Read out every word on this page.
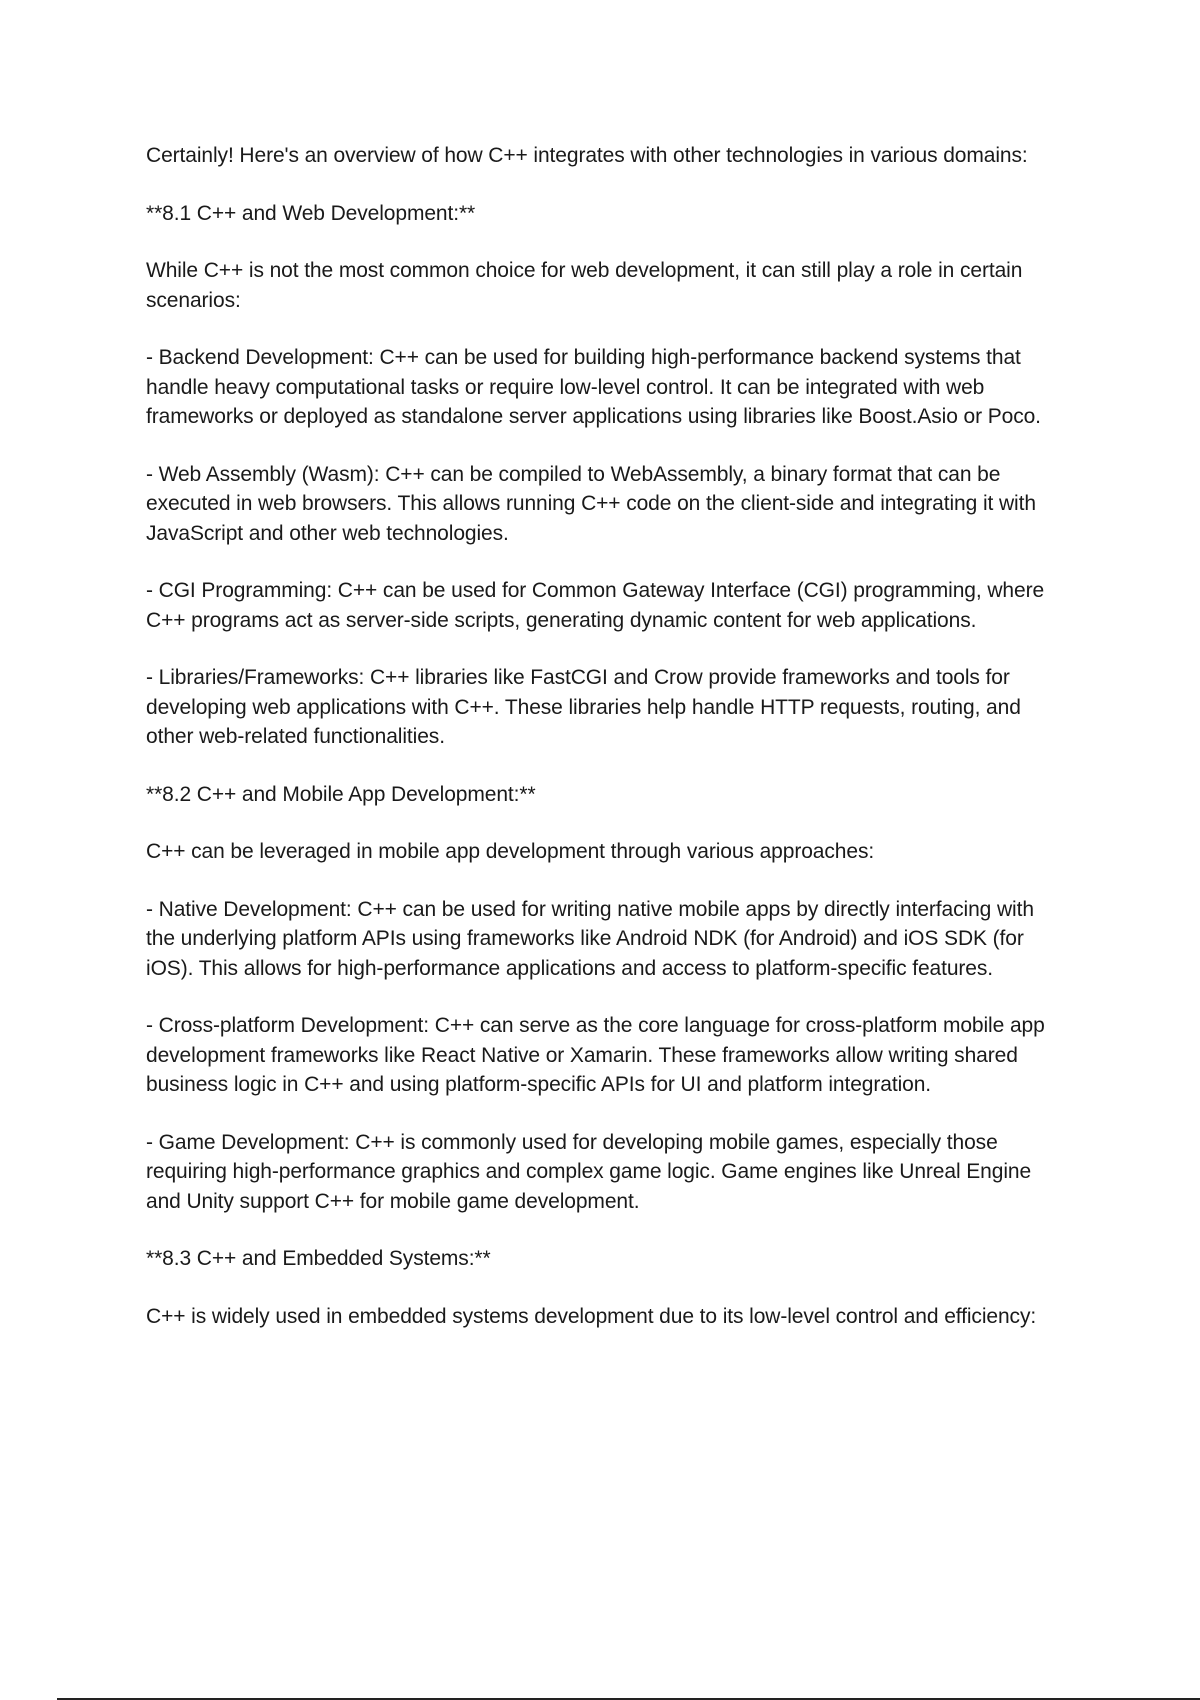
Certainly! Here's an overview of how C++ integrates with other technologies in various domains:

**8.1 C++ and Web Development:**

While C++ is not the most common choice for web development, it can still play a role in certain scenarios:

- Backend Development: C++ can be used for building high-performance backend systems that handle heavy computational tasks or require low-level control. It can be integrated with web frameworks or deployed as standalone server applications using libraries like Boost.Asio or Poco.

- Web Assembly (Wasm): C++ can be compiled to WebAssembly, a binary format that can be executed in web browsers. This allows running C++ code on the client-side and integrating it with JavaScript and other web technologies.

- CGI Programming: C++ can be used for Common Gateway Interface (CGI) programming, where C++ programs act as server-side scripts, generating dynamic content for web applications.

- Libraries/Frameworks: C++ libraries like FastCGI and Crow provide frameworks and tools for developing web applications with C++. These libraries help handle HTTP requests, routing, and other web-related functionalities.

**8.2 C++ and Mobile App Development:**

C++ can be leveraged in mobile app development through various approaches:

- Native Development: C++ can be used for writing native mobile apps by directly interfacing with the underlying platform APIs using frameworks like Android NDK (for Android) and iOS SDK (for iOS). This allows for high-performance applications and access to platform-specific features.

- Cross-platform Development: C++ can serve as the core language for cross-platform mobile app development frameworks like React Native or Xamarin. These frameworks allow writing shared business logic in C++ and using platform-specific APIs for UI and platform integration.

- Game Development: C++ is commonly used for developing mobile games, especially those requiring high-performance graphics and complex game logic. Game engines like Unreal Engine and Unity support C++ for mobile game development.

**8.3 C++ and Embedded Systems:**

C++ is widely used in embedded systems development due to its low-level control and efficiency:
